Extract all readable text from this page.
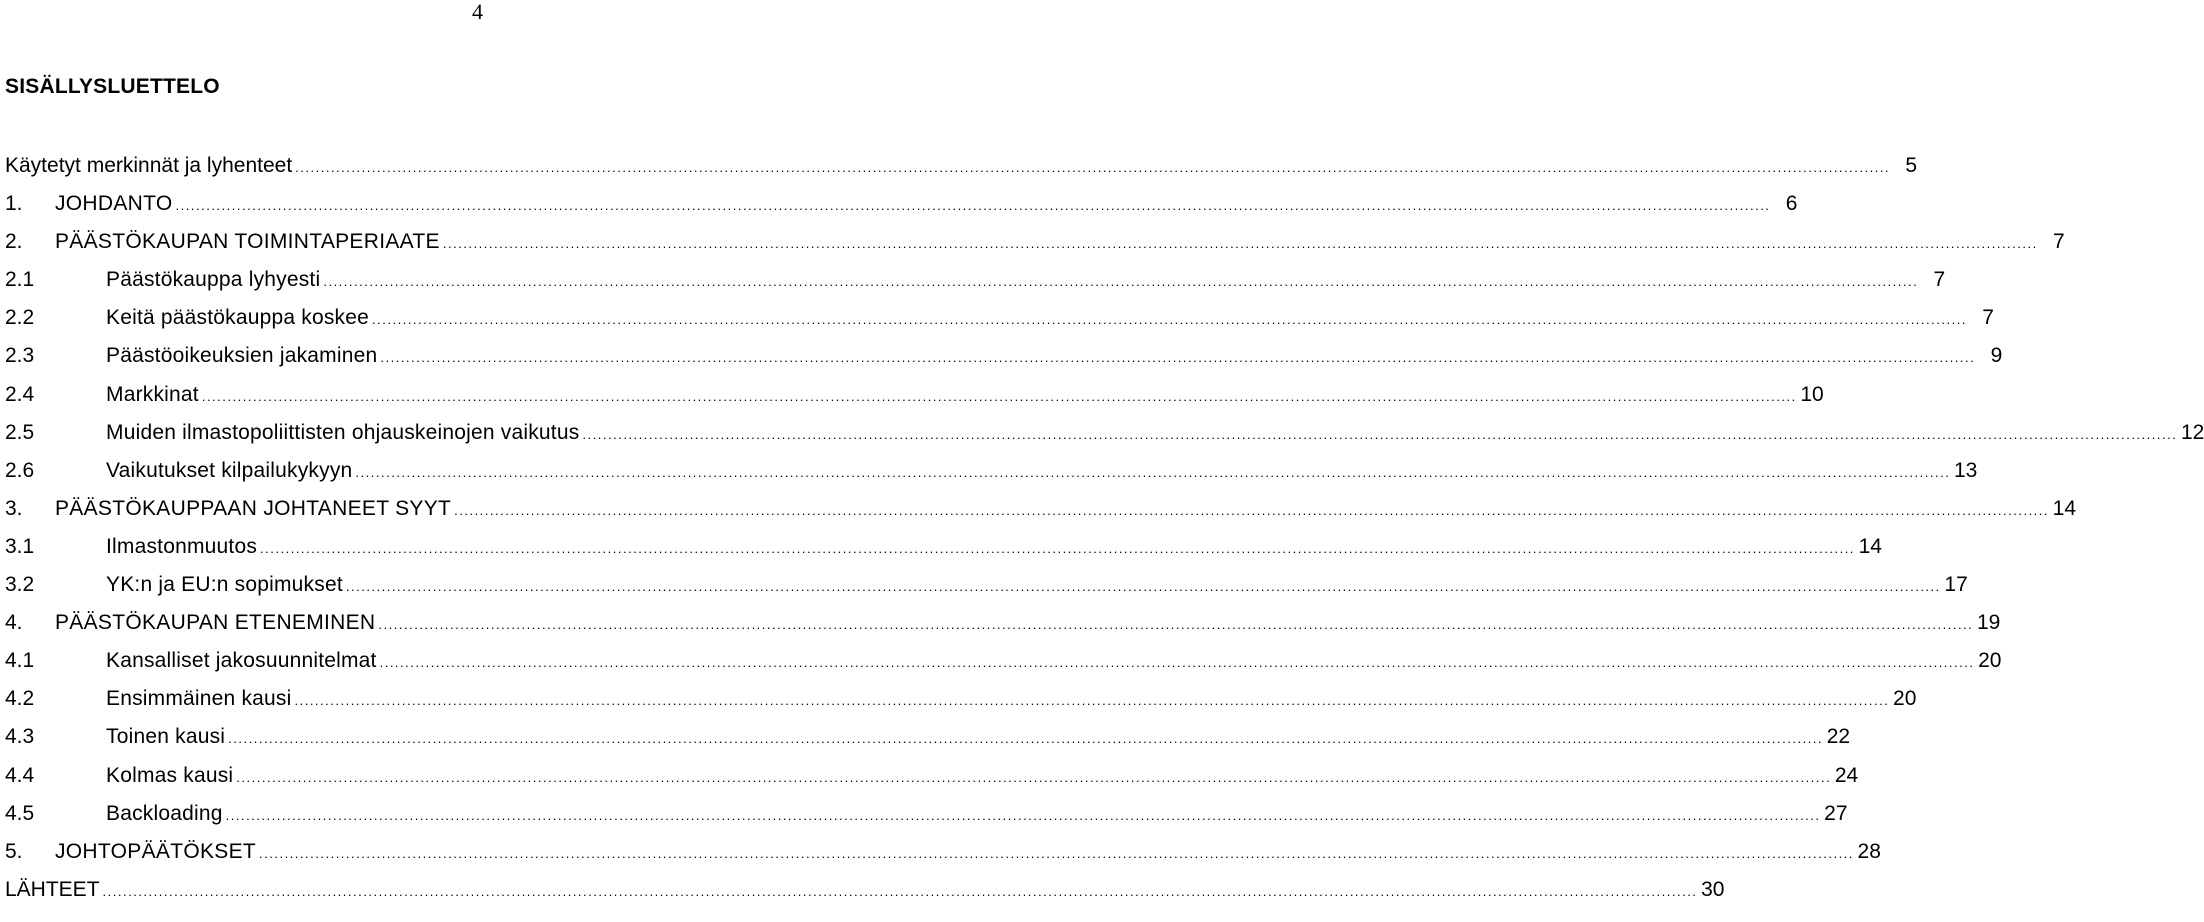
4
SISÄLLYSLUETTELO
Käytetyt merkinnät ja lyhenteet .....	5
1.	JOHDANTO .....	6
2.	PÄÄSTÖKAUPAN TOIMINTAPERIAATE .....	7
2.1	Päästökauppa lyhyesti .....	7
2.2	Keitä päästökauppa koskee .....	7
2.3	Päästöoikeuksien jakaminen .....	9
2.4	Markkinat .....	10
2.5	Muiden ilmastopoliittisten ohjauskeinojen vaikutus .....	12
2.6	Vaikutukset kilpailukykyyn .....	13
3.	PÄÄSTÖKAUPPAAN JOHTANEET SYYT .....	14
3.1	Ilmastonmuutos .....	14
3.2	YK:n ja EU:n sopimukset .....	17
4.	PÄÄSTÖKAUPAN ETENEMINEN .....	19
4.1	Kansalliset jakosuunnitelmat .....	20
4.2	Ensimmäinen kausi .....	20
4.3	Toinen kausi .....	22
4.4	Kolmas kausi .....	24
4.5	Backloading .....	27
5.	JOHTOPÄÄTÖKSET .....	28
LÄHTEET .....	30
